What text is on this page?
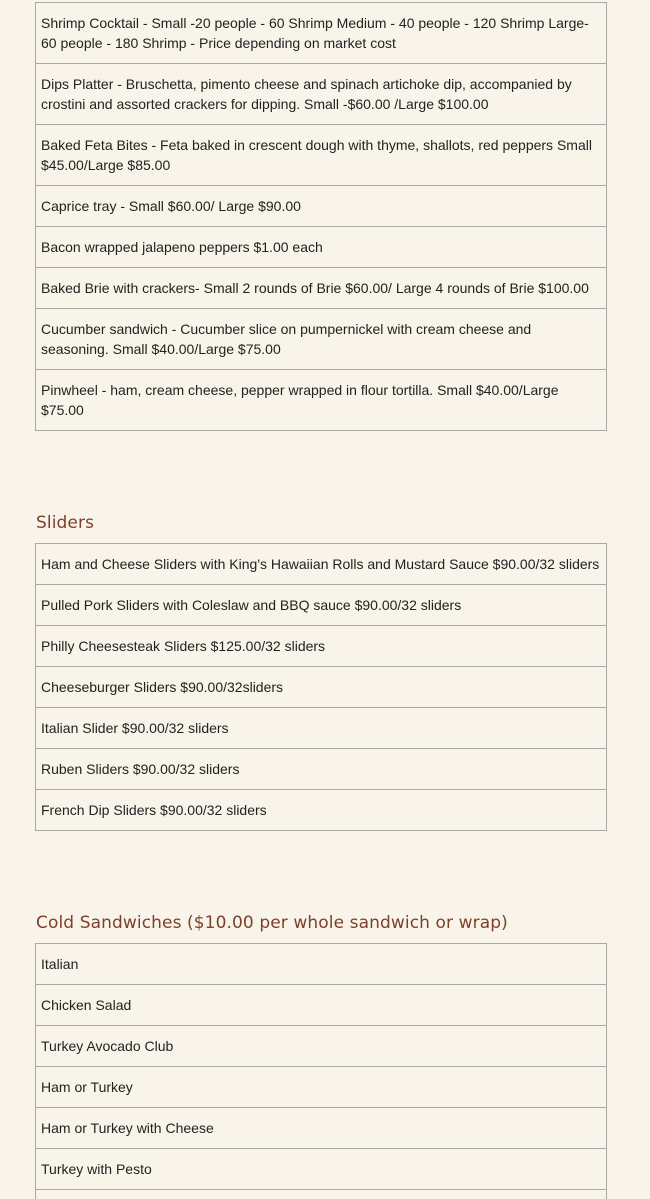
Shrimp Cocktail - Small -20 people - 60 Shrimp Medium - 40 people - 120 Shrimp Large- 60 people - 180 Shrimp - Price depending on market cost
Dips Platter - Bruschetta, pimento cheese and spinach artichoke dip, accompanied by crostini and assorted crackers for dipping. Small -$60.00 /Large $100.00
Baked Feta Bites - Feta baked in crescent dough with thyme, shallots, red peppers Small $45.00/Large $85.00
Caprice tray - Small $60.00/ Large $90.00
Bacon wrapped jalapeno peppers $1.00 each
Baked Brie with crackers- Small 2 rounds of Brie $60.00/ Large 4 rounds of Brie $100.00
Cucumber sandwich - Cucumber slice on pumpernickel with cream cheese and seasoning. Small $40.00/Large $75.00
Pinwheel - ham, cream cheese, pepper wrapped in flour tortilla. Small $40.00/Large $75.00
Sliders
Ham and Cheese Sliders with King's Hawaiian Rolls and Mustard Sauce $90.00/32 sliders
Pulled Pork Sliders with Coleslaw and BBQ sauce $90.00/32 sliders
Philly Cheesesteak Sliders $125.00/32 sliders
Cheeseburger Sliders $90.00/32sliders
Italian Slider $90.00/32 sliders
Ruben Sliders $90.00/32 sliders
French Dip Sliders $90.00/32 sliders
Cold Sandwiches ($10.00 per whole sandwich or wrap)
Italian
Chicken Salad
Turkey Avocado Club
Ham or Turkey
Ham or Turkey with Cheese
Turkey with Pesto
